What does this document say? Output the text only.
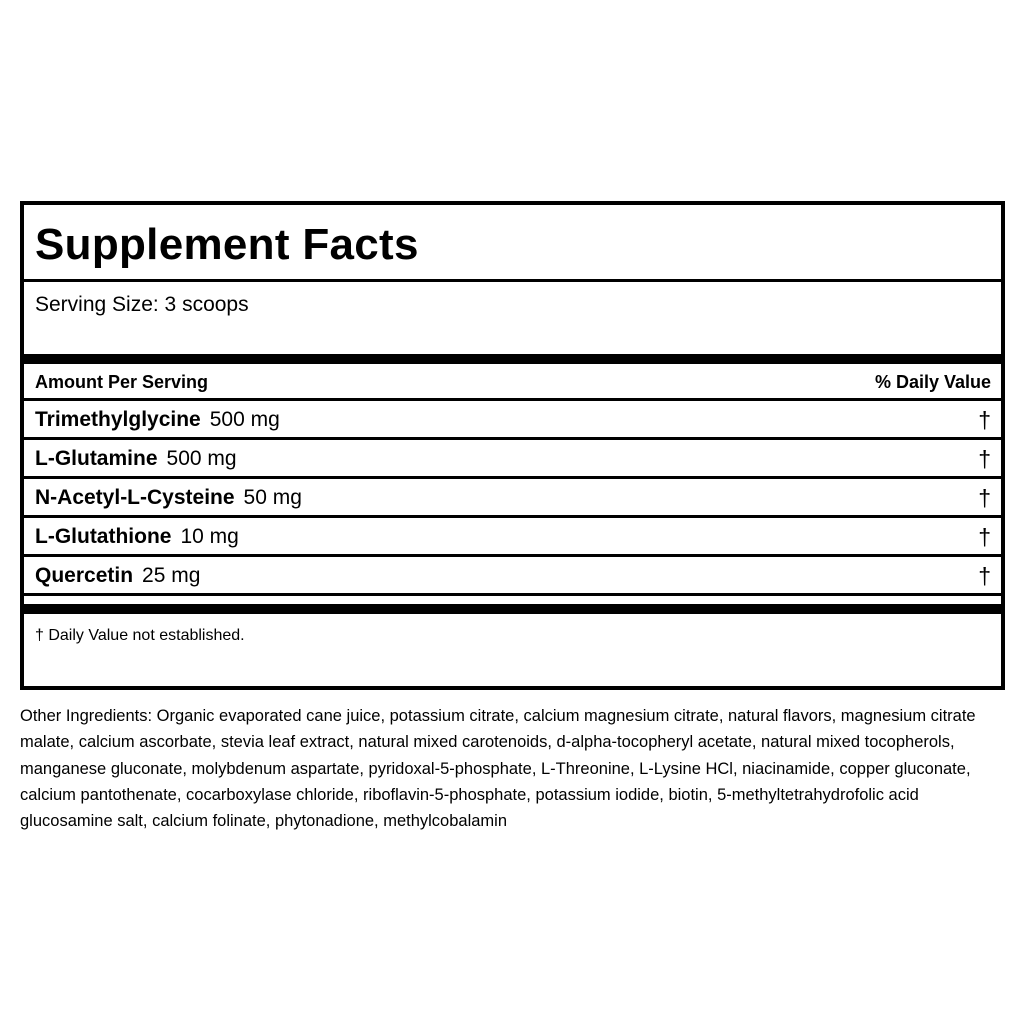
Supplement Facts
Serving Size: 3 scoops
Amount Per Serving	% Daily Value
Trimethylglycine 500 mg	†
L-Glutamine 500 mg	†
N-Acetyl-L-Cysteine 50 mg	†
L-Glutathione 10 mg	†
Quercetin 25 mg	†
† Daily Value not established.
Other Ingredients: Organic evaporated cane juice, potassium citrate, calcium magnesium citrate, natural flavors, magnesium citrate malate, calcium ascorbate, stevia leaf extract, natural mixed carotenoids, d-alpha-tocopheryl acetate, natural mixed tocopherols, manganese gluconate, molybdenum aspartate, pyridoxal-5-phosphate, L-Threonine, L-Lysine HCl, niacinamide, copper gluconate, calcium pantothenate, cocarboxylase chloride, riboflavin-5-phosphate, potassium iodide, biotin, 5-methyltetrahydrofolic acid glucosamine salt, calcium folinate, phytonadione, methylcobalamin
